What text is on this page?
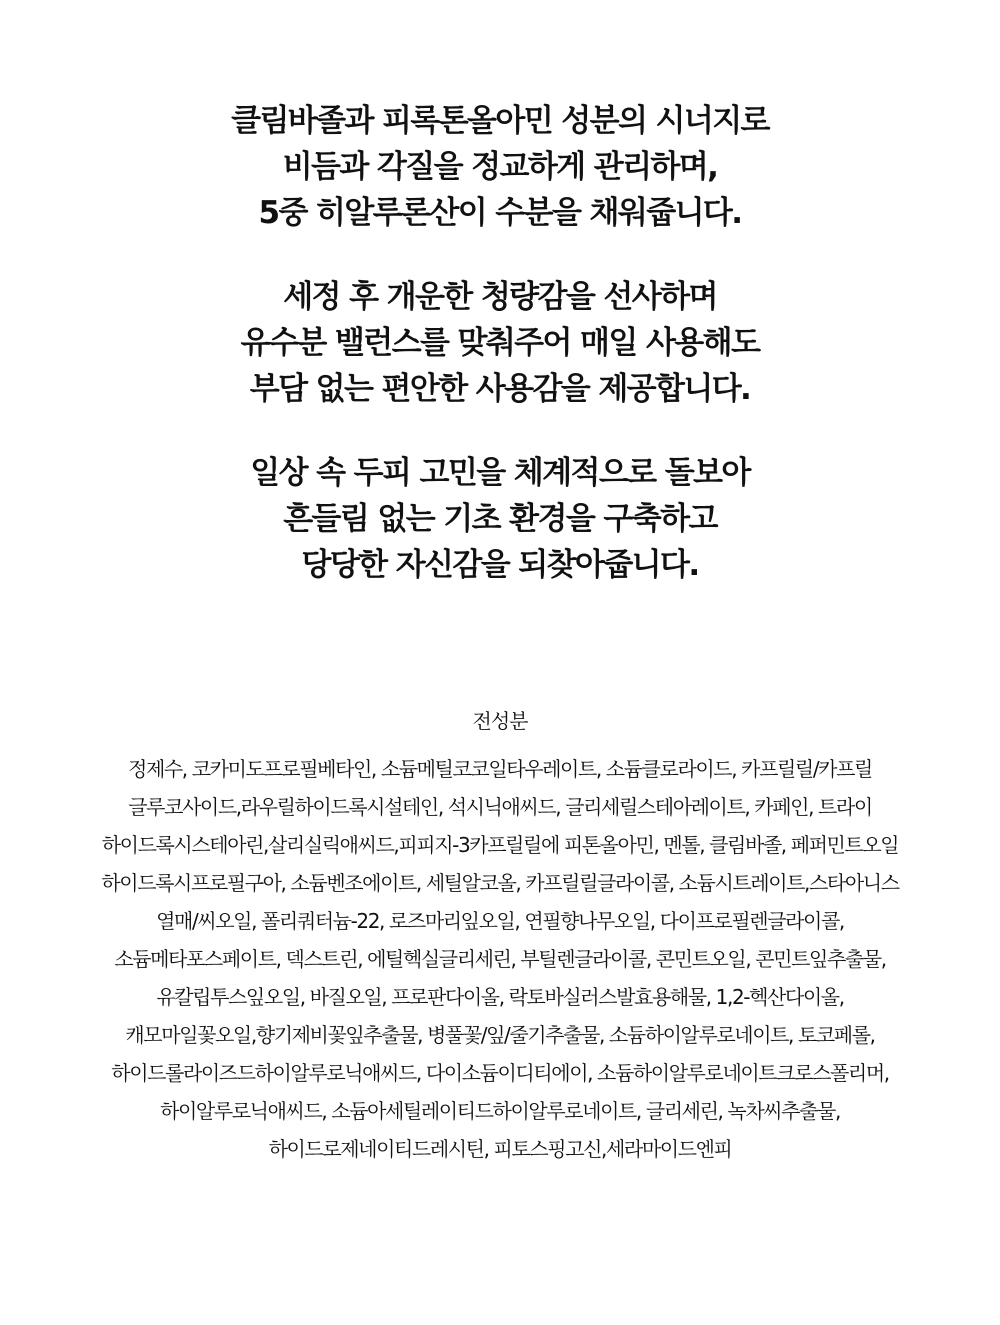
클림바졸과 피록톤올아민 성분의 시너지로
비듬과 각질을 정교하게 관리하며,
5중 히알루론산이 수분을 채워줍니다.

세정 후 개운한 청량감을 선사하며
유수분 밸런스를 맞춰주어 매일 사용해도
부담 없는 편안한 사용감을 제공합니다.

일상 속 두피 고민을 체계적으로 돌보아
흔들림 없는 기초 환경을 구축하고
당당한 자신감을 되찾아줍니다.

전성분
정제수, 코카미도프로필베타인, 소듐메틸코코일타우레이트, 소듐클로라이드, 카프릴릴/카프릴
글루코사이드,라우릴하이드록시설테인, 석시닉애씨드, 글리세릴스테아레이트, 카페인, 트라이
하이드록시스테아린,살리실릭애씨드,피피지-3카프릴릴에 피톤올아민, 멘톨, 클림바졸, 페퍼민트오일
하이드록시프로필구아, 소듐벤조에이트, 세틸알코올, 카프릴릴글라이콜, 소듐시트레이트,스타아니스
열매/씨오일, 폴리쿼터늄-22, 로즈마리잎오일, 연필향나무오일, 다이프로필렌글라이콜,
소듐메타포스페이트, 덱스트린, 에틸헥실글리세린, 부틸렌글라이콜, 콘민트오일, 콘민트잎추출물,
유칼립투스잎오일, 바질오일, 프로판다이올, 락토바실러스발효용해물, 1,2-헥산다이올,
캐모마일꽃오일,향기제비꽃잎추출물, 병풀꽃/잎/줄기추출물, 소듐하이알루로네이트, 토코페롤,
하이드롤라이즈드하이알루로닉애씨드, 다이소듐이디티에이, 소듐하이알루로네이트크로스폴리머,
하이알루로닉애씨드, 소듐아세틸레이티드하이알루로네이트, 글리세린, 녹차씨추출물,
하이드로제네이티드레시틴, 피토스핑고신,세라마이드엔피
